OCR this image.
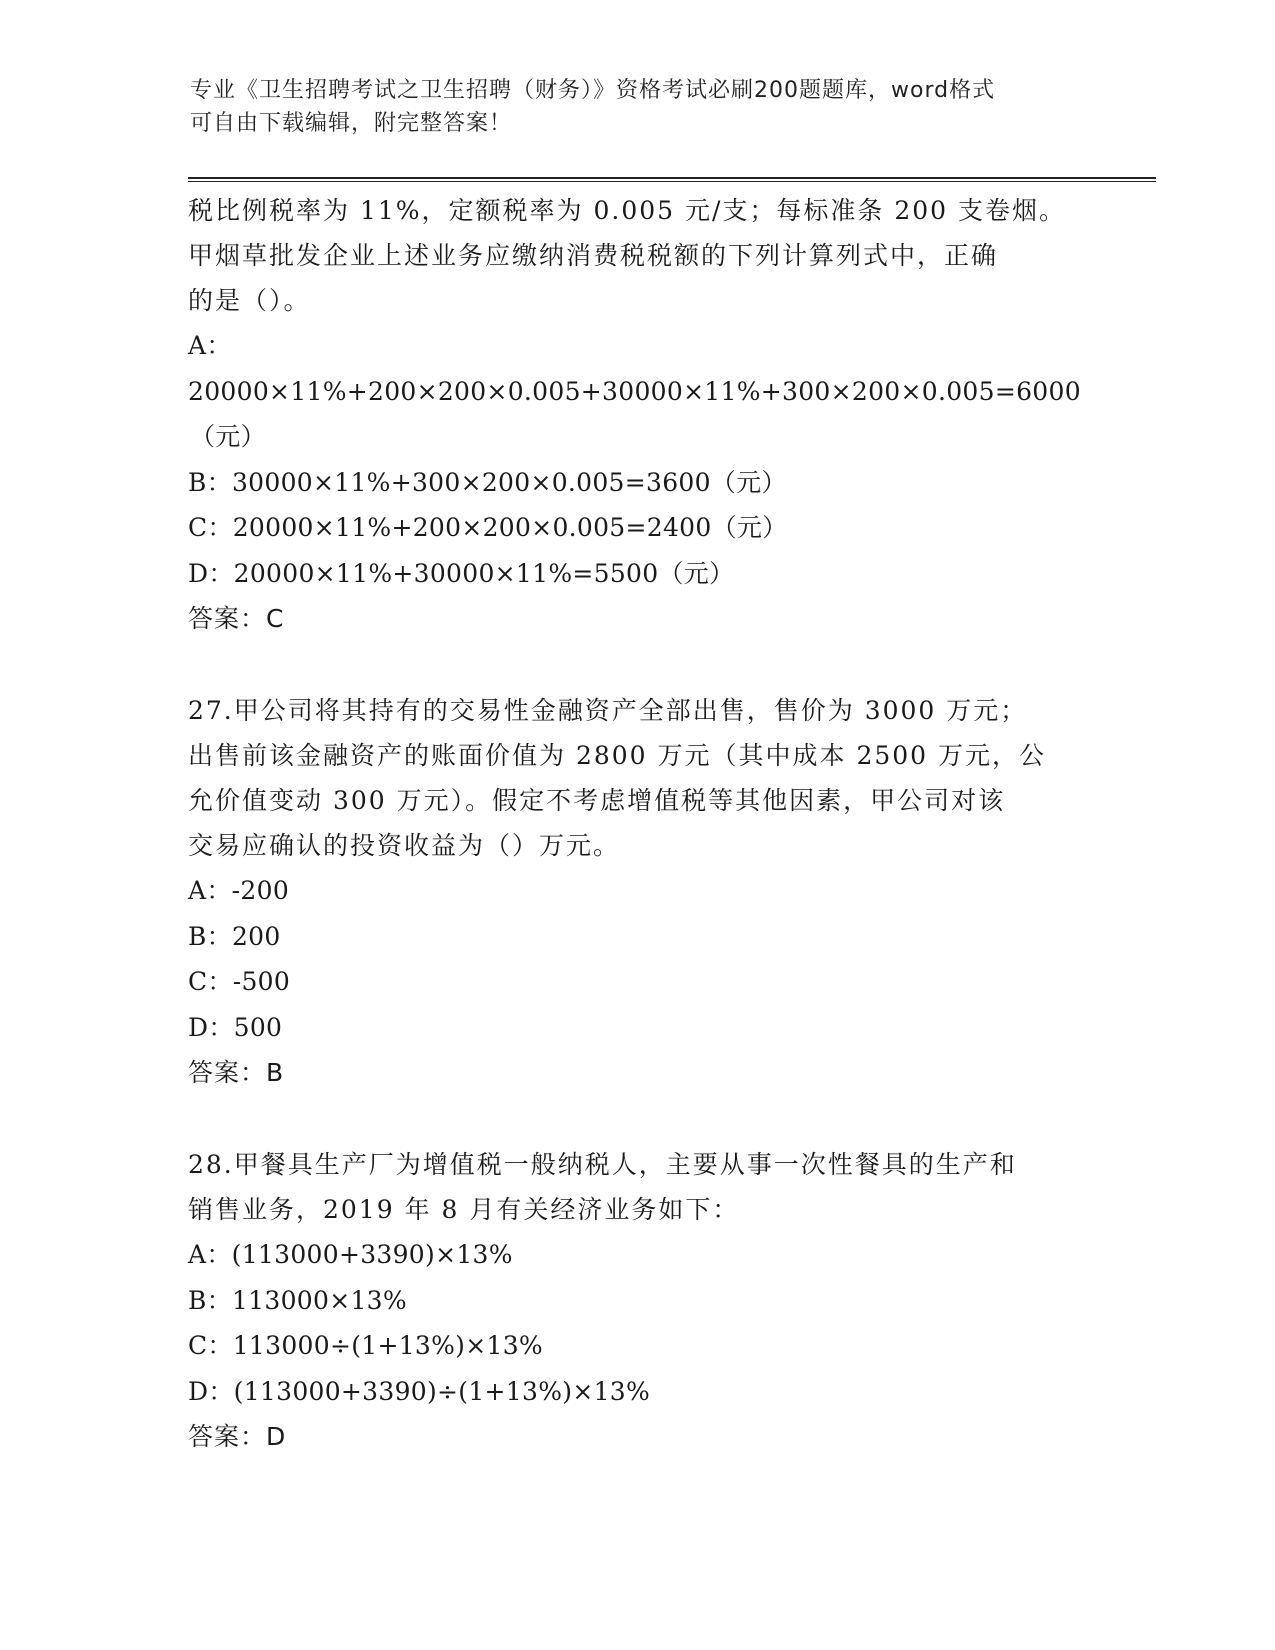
专业《卫生招聘考试之卫生招聘（财务）》资格考试必刷200题题库，word格式
可自由下载编辑，附完整答案！

税比例税率为 11%，定额税率为 0.005 元/支；每标准条 200 支卷烟。

甲烟草批发企业上述业务应缴纳消费税税额的下列计算列式中，正确

的是（）。

A：20000×11%+200×200×0.005+30000×11%+300×200×0.005=6000

（元）

B：30000×11%+300×200×0.005=3600（元）

C：20000×11%+200×200×0.005=2400（元）

D：20000×11%+30000×11%=5500（元）

答案：C

27.甲公司将其持有的交易性金融资产全部出售，售价为 3000 万元；

出售前该金融资产的账面价值为 2800 万元（其中成本 2500 万元，公

允价值变动 300 万元）。假定不考虑增值税等其他因素，甲公司对该

交易应确认的投资收益为（）万元。

A：-200

B：200

C：-500

D：500

答案：B

28.甲餐具生产厂为增值税一般纳税人，主要从事一次性餐具的生产和

销售业务，2019 年 8 月有关经济业务如下：

A：(113000+3390)×13%

B：113000×13%

C：113000÷(1+13%)×13%

D：(113000+3390)÷(1+13%)×13%

答案：D
